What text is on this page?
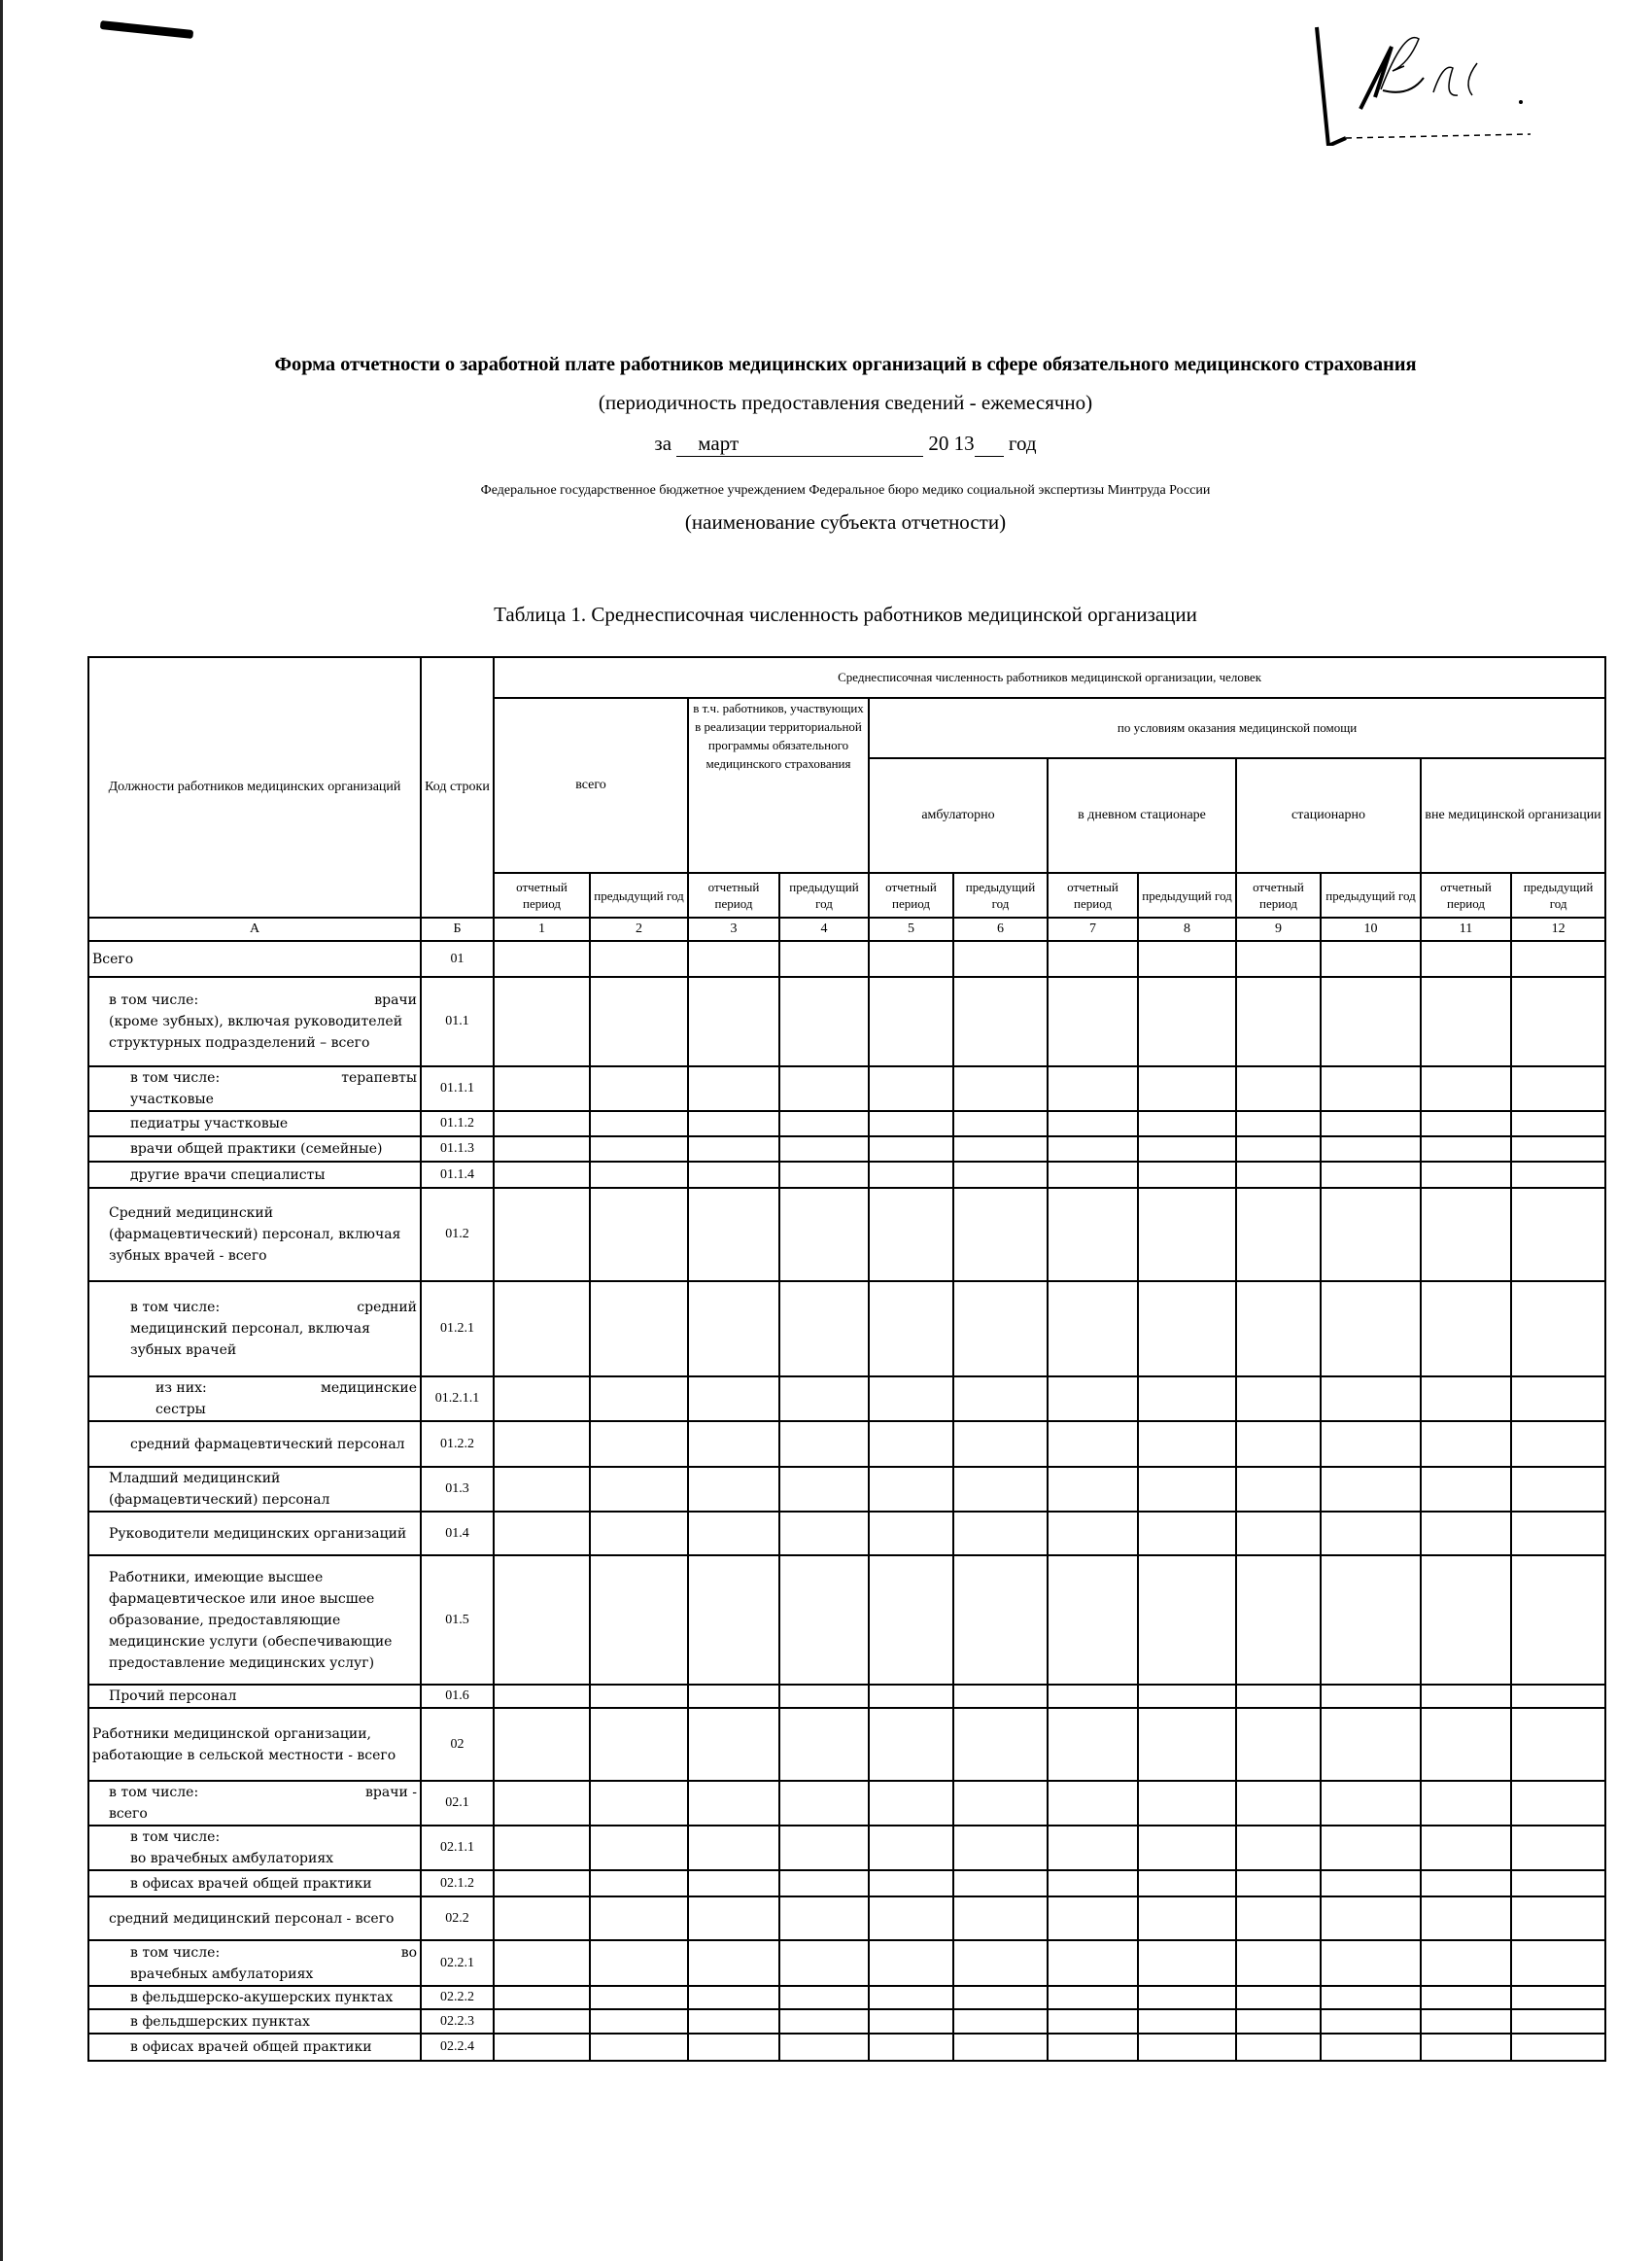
Форма отчетности о заработной плате работников медицинских организаций в сфере обязательного медицинского страхования
(периодичность предоставления сведений - ежемесячно)
за март	20 13 год
Федеральное государственное бюджетное учреждением Федеральное бюро медико социальной экспертизы Минтруда России
(наименование субъекта отчетности)
Таблица 1. Среднесписочная численность работников медицинской организации
Должности работников медицинских организаций	Код строки	Среднесписочная численность работников медицинской организации, человек											
		всего		в т.ч. работников, участвующих в реализации территориальной программы обязательного медицинского страхования		по условиям оказания медицинской помощи							
						амбулаторно		в дневном стационаре		стационарно		вне медицинской организации	
		отчетный период	предыдущий год	отчетный период	предыдущий год	отчетный период	предыдущий год	отчетный период	предыдущий год	отчетный период	предыдущий год	отчетный период	предыдущий год
А	Б	1	2	3	4	5	6	7	8	9	10	11	12

Всего	01												

в том числе: врачи
(кроме зубных), включая руководителей структурных подразделений – всего	01.1												

в том числе: терапевты
участковые	01.1.1												

педиатры участковые	01.1.2												

врачи общей практики (семейные)	01.1.3												

другие врачи специалисты	01.1.4												

Средний медицинский (фармацевтический) персонал, включая зубных врачей - всего	01.2												

в том числе: средний
медицинский персонал, включая зубных врачей	01.2.1												

из них: медицинские
сестры	01.2.1.1												

средний фармацевтический персонал	01.2.2												

Младший медицинский (фармацевтический) персонал	01.3												

Руководители медицинских организаций	01.4												

Работники, имеющие высшее фармацевтическое или иное высшее образование, предоставляющие медицинские услуги (обеспечивающие предоставление медицинских услуг)	01.5												

Прочий персонал	01.6												

Работники медицинской организации, работающие в сельской местности - всего	02												

в том числе: врачи -
всего	02.1												

в том числе:
во врачебных амбулаториях	02.1.1												

в офисах врачей общей практики	02.1.2												

средний медицинский персонал - всего	02.2												

в том числе: во
врачебных амбулаториях	02.2.1												

в фельдшерско-акушерских пунктах	02.2.2												

в фельдшерских пунктах	02.2.3												

в офисах врачей общей практики	02.2.4												
